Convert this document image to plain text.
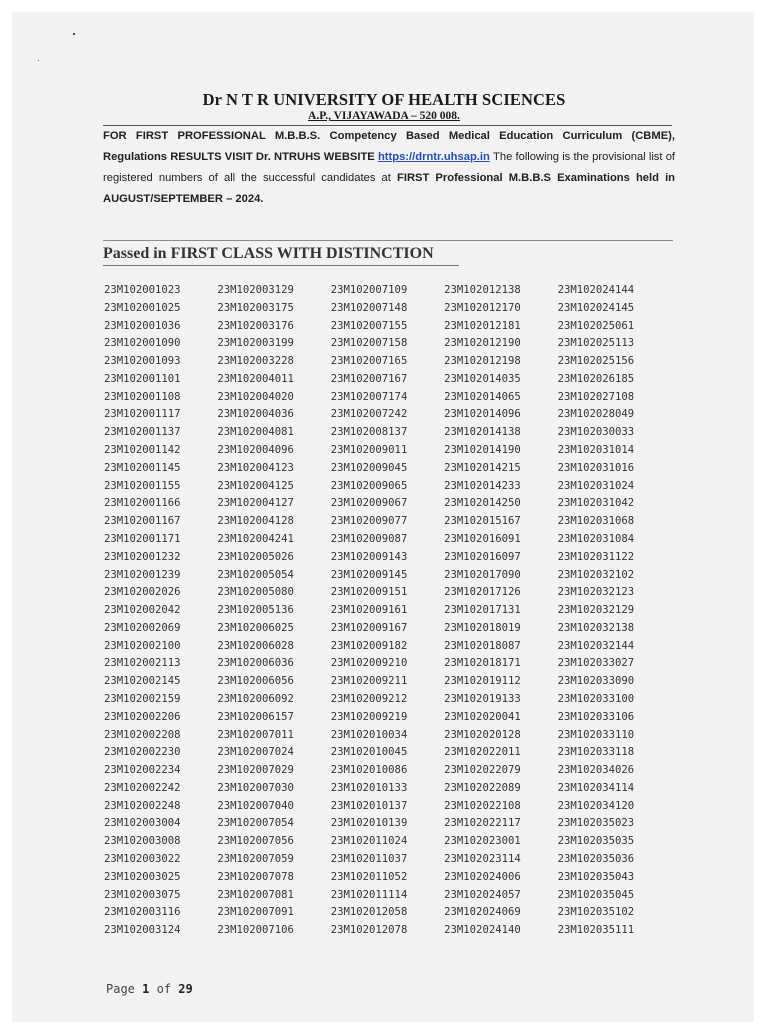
Dr N T R UNIVERSITY OF HEALTH SCIENCES
A.P., VIJAYAWADA – 520 008.
FOR FIRST PROFESSIONAL M.B.B.S. Competency Based Medical Education Curriculum (CBME), Regulations RESULTS VISIT Dr. NTRUHS WEBSITE https://drntr.uhsap.in The following is the provisional list of registered numbers of all the successful candidates at FIRST Professional M.B.B.S Examinations held in AUGUST/SEPTEMBER – 2024.
Passed in FIRST CLASS WITH DISTINCTION
23M102001023	23M102003129	23M102007109	23M102012138	23M102024144
23M102001025	23M102003175	23M102007148	23M102012170	23M102024145
23M102001036	23M102003176	23M102007155	23M102012181	23M102025061
23M102001090	23M102003199	23M102007158	23M102012190	23M102025113
23M102001093	23M102003228	23M102007165	23M102012198	23M102025156
23M102001101	23M102004011	23M102007167	23M102014035	23M102026185
23M102001108	23M102004020	23M102007174	23M102014065	23M102027108
23M102001117	23M102004036	23M102007242	23M102014096	23M102028049
23M102001137	23M102004081	23M102008137	23M102014138	23M102030033
23M102001142	23M102004096	23M102009011	23M102014190	23M102031014
23M102001145	23M102004123	23M102009045	23M102014215	23M102031016
23M102001155	23M102004125	23M102009065	23M102014233	23M102031024
23M102001166	23M102004127	23M102009067	23M102014250	23M102031042
23M102001167	23M102004128	23M102009077	23M102015167	23M102031068
23M102001171	23M102004241	23M102009087	23M102016091	23M102031084
23M102001232	23M102005026	23M102009143	23M102016097	23M102031122
23M102001239	23M102005054	23M102009145	23M102017090	23M102032102
23M102002026	23M102005080	23M102009151	23M102017126	23M102032123
23M102002042	23M102005136	23M102009161	23M102017131	23M102032129
23M102002069	23M102006025	23M102009167	23M102018019	23M102032138
23M102002100	23M102006028	23M102009182	23M102018087	23M102032144
23M102002113	23M102006036	23M102009210	23M102018171	23M102033027
23M102002145	23M102006056	23M102009211	23M102019112	23M102033090
23M102002159	23M102006092	23M102009212	23M102019133	23M102033100
23M102002206	23M102006157	23M102009219	23M102020041	23M102033106
23M102002208	23M102007011	23M102010034	23M102020128	23M102033110
23M102002230	23M102007024	23M102010045	23M102022011	23M102033118
23M102002234	23M102007029	23M102010086	23M102022079	23M102034026
23M102002242	23M102007030	23M102010133	23M102022089	23M102034114
23M102002248	23M102007040	23M102010137	23M102022108	23M102034120
23M102003004	23M102007054	23M102010139	23M102022117	23M102035023
23M102003008	23M102007056	23M102011024	23M102023001	23M102035035
23M102003022	23M102007059	23M102011037	23M102023114	23M102035036
23M102003025	23M102007078	23M102011052	23M102024006	23M102035043
23M102003075	23M102007081	23M102011114	23M102024057	23M102035045
23M102003116	23M102007091	23M102012058	23M102024069	23M102035102
23M102003124	23M102007106	23M102012078	23M102024140	23M102035111
Page 1 of 29
